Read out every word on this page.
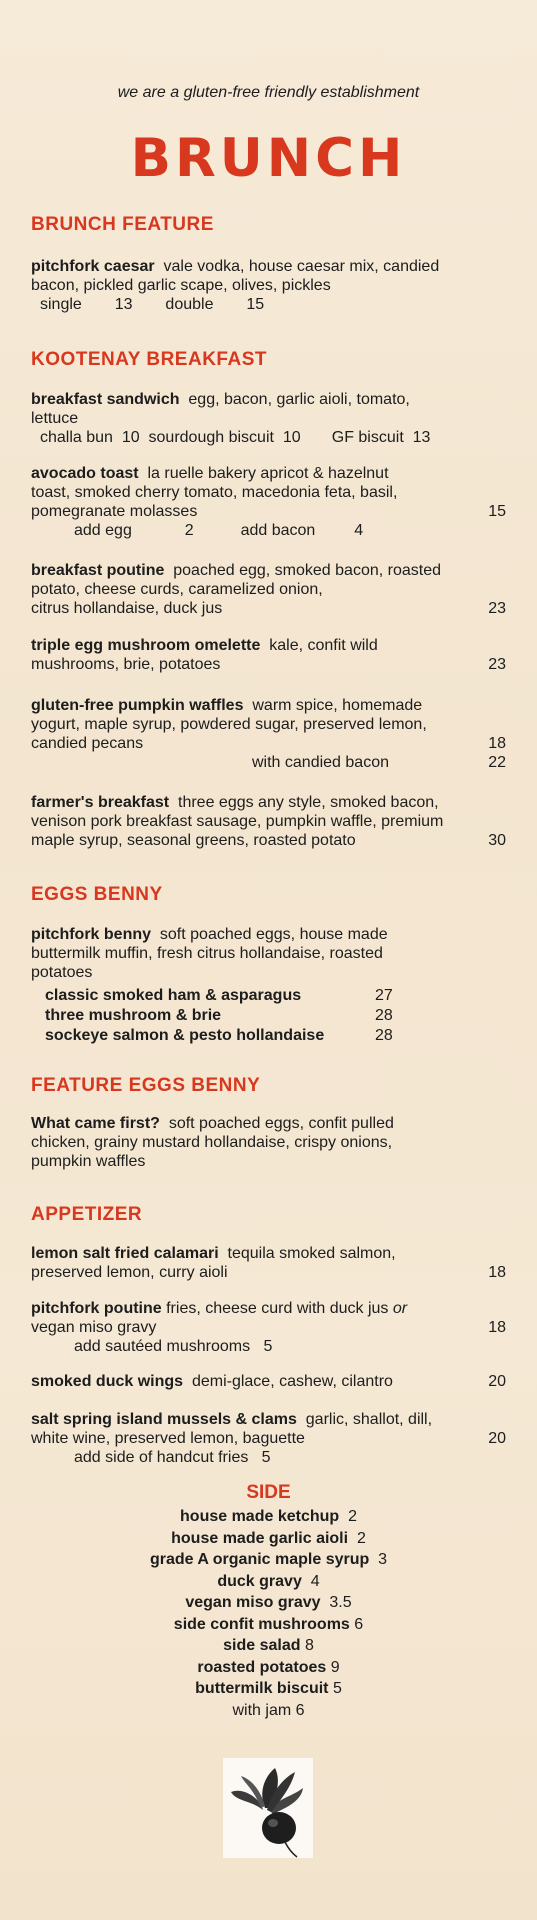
we are a gluten-free friendly establishment
BRUNCH
BRUNCH FEATURE
pitchfork caesar vale vodka, house caesar mix, candied
bacon, pickled garlic scape, olives, pickles
single 13 double 15
KOOTENAY BREAKFAST
breakfast sandwich egg, bacon, garlic aioli, tomato,
lettuce
challa bun  10  sourdough biscuit  10       GF biscuit  13
avocado toast la ruelle bakery apricot & hazelnut
toast, smoked cherry tomato, macedonia feta, basil,
pomegranate molasses	15
add egg	2	add bacon 4
breakfast poutine poached egg, smoked bacon, roasted
potato, cheese curds, caramelized onion,
citrus hollandaise, duck jus	23
triple egg mushroom omelette kale, confit wild
mushrooms, brie, potatoes	23
gluten-free pumpkin waffles warm spice, homemade
yogurt, maple syrup, powdered sugar, preserved lemon,
candied pecans	18
with candied bacon	22
farmer's breakfast three eggs any style, smoked bacon,
venison pork breakfast sausage, pumpkin waffle, premium
maple syrup, seasonal greens, roasted potato	30
EGGS BENNY
pitchfork benny soft poached eggs, house made
buttermilk muffin, fresh citrus hollandaise, roasted
potatoes
classic smoked ham & asparagus	27
three mushroom & brie	28
sockeye salmon & pesto hollandaise	28
FEATURE EGGS BENNY
What came first? soft poached eggs, confit pulled
chicken, grainy mustard hollandaise, crispy onions,
pumpkin waffles
APPETIZER
lemon salt fried calamari tequila smoked salmon,
preserved lemon, curry aioli	18
pitchfork poutine fries, cheese curd with duck jus or
vegan miso gravy	18
add sautéed mushrooms   5
smoked duck wings demi-glace, cashew, cilantro	20
salt spring island mussels & clams garlic, shallot, dill,
white wine, preserved lemon, baguette	20
add side of handcut fries   5
SIDE
house made ketchup 2
house made garlic aioli 2
grade A organic maple syrup 3
duck gravy 4
vegan miso gravy 3.5
side confit mushrooms 6
side salad 8
roasted potatoes 9
buttermilk biscuit 5
with jam 6
